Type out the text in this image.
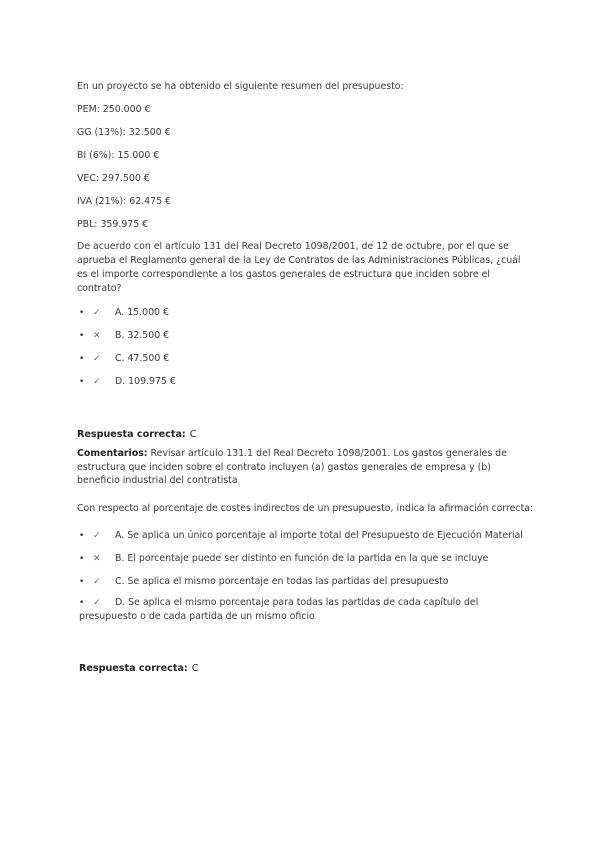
En un proyecto se ha obtenido el siguiente resumen del presupuesto:

PEM: 250.000 €

GG (13%): 32.500 €

BI (6%): 15.000 €

VEC: 297.500 €

IVA (21%): 62.475 €

PBL: 359.975 €

De acuerdo con el artículo 131 del Real Decreto 1098/2001, de 12 de octubre, por el que se aprueba el Reglamento general de la Ley de Contratos de las Administraciones Públicas, ¿cuál es el importe correspondiente a los gastos generales de estructura que inciden sobre el contrato?

• ✓ A. 15.000 €
• ✕ B. 32.500 €
• ✓ C. 47.500 €
• ✓ D. 109.975 €
Respuesta correcta: C
Comentarios: Revisar artículo 131.1 del Real Decreto 1098/2001. Los gastos generales de estructura que inciden sobre el contrato incluyen (a) gastos generales de empresa y (b) beneficio industrial del contratista

Con respecto al porcentaje de costes indirectos de un presupuesto, indica la afirmación correcta:

• ✓ A. Se aplica un único porcentaje al importe total del Presupuesto de Ejecución Material
• ✕ B. El porcentaje puede ser distinto en función de la partida en la que se incluye
• ✓ C. Se aplica el mismo porcentaje en todas las partidas del presupuesto
• ✓ D. Se aplica el mismo porcentaje para todas las partidas de cada capítulo del presupuesto o de cada partida de un mismo oficio
Respuesta correcta: C
